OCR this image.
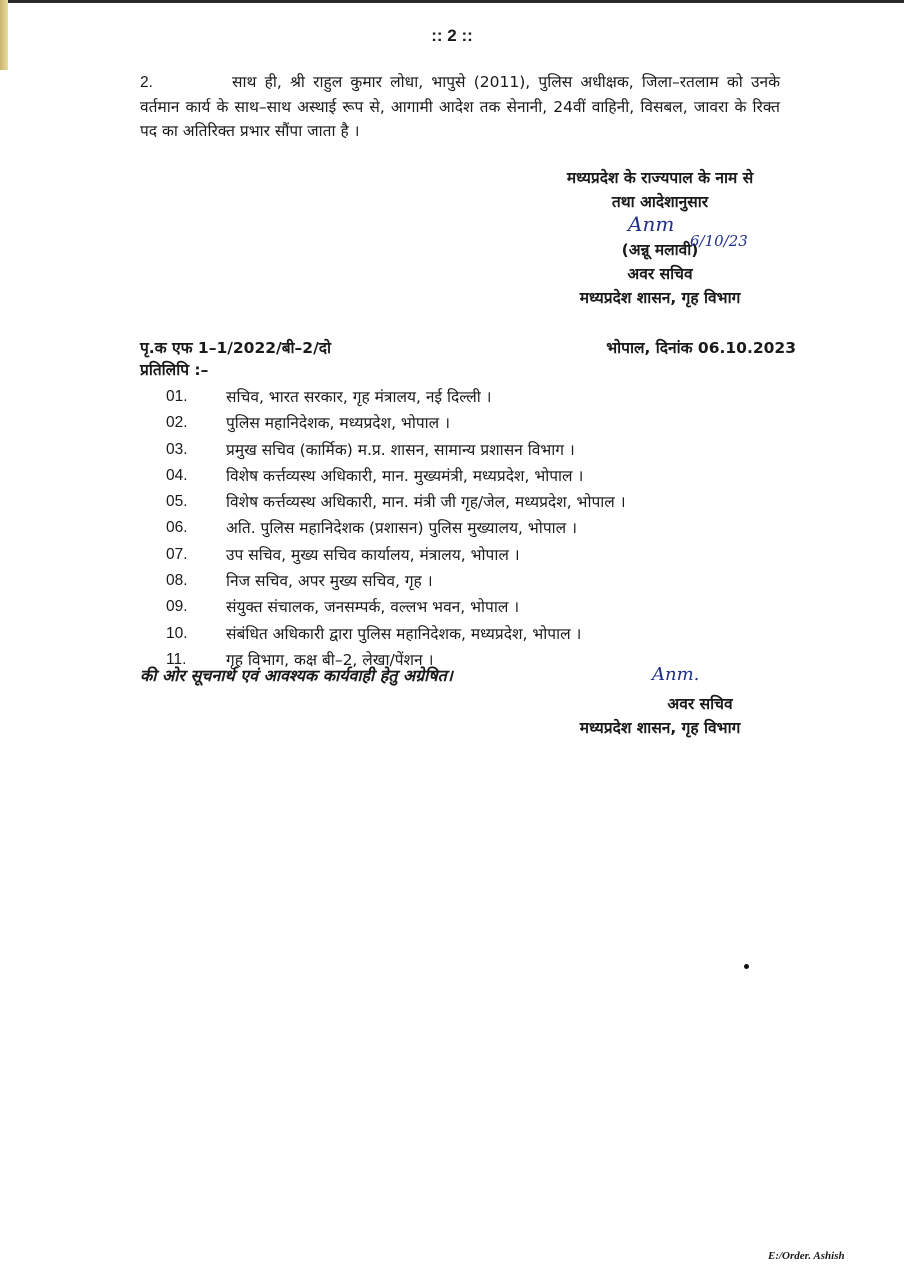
:: 2 ::
2.	साथ ही, श्री राहुल कुमार लोधा, भापुसे (2011), पुलिस अधीक्षक, जिला–रतलाम को उनके वर्तमान कार्य के साथ–साथ अस्थाई रूप से, आगामी आदेश तक सेनानी, 24वीं वाहिनी, विसबल, जावरा के रिक्त पद का अतिरिक्त प्रभार सौंपा जाता है ।
मध्यप्रदेश के राज्यपाल के नाम से
तथा आदेशानुसार
(अन्नू मलावी)
अवर सचिव
मध्यप्रदेश शासन, गृह विभाग
Anm
6/10/23
पृ.क एफ 1–1/2022/बी–2/दो	भोपाल, दिनांक 06.10.2023
प्रतिलिपि :–
01.	सचिव, भारत सरकार, गृह मंत्रालय, नई दिल्ली ।
02.	पुलिस महानिदेशक, मध्यप्रदेश, भोपाल ।
03.	प्रमुख सचिव (कार्मिक) म.प्र. शासन, सामान्य प्रशासन विभाग ।
04.	विशेष कर्त्तव्यस्थ अधिकारी, मान. मुख्यमंत्री, मध्यप्रदेश, भोपाल ।
05.	विशेष कर्त्तव्यस्थ अधिकारी, मान. मंत्री जी गृह/जेल, मध्यप्रदेश, भोपाल ।
06.	अति. पुलिस महानिदेशक (प्रशासन) पुलिस मुख्यालय, भोपाल ।
07.	उप सचिव, मुख्य सचिव कार्यालय, मंत्रालय, भोपाल ।
08.	निज सचिव, अपर मुख्य सचिव, गृह ।
09.	संयुक्त संचालक, जनसम्पर्क, वल्लभ भवन, भोपाल ।
10.	संबंधित अधिकारी द्वारा पुलिस महानिदेशक, मध्यप्रदेश, भोपाल ।
11.	गृह विभाग, कक्ष बी–2, लेखा/पेंशन ।
की ओर सूचनार्थ एवं आवश्यक कार्यवाही हेतु अग्रेषित।	Anm.
अवर सचिव
मध्यप्रदेश शासन, गृह विभाग
E:/Order. Ashish
